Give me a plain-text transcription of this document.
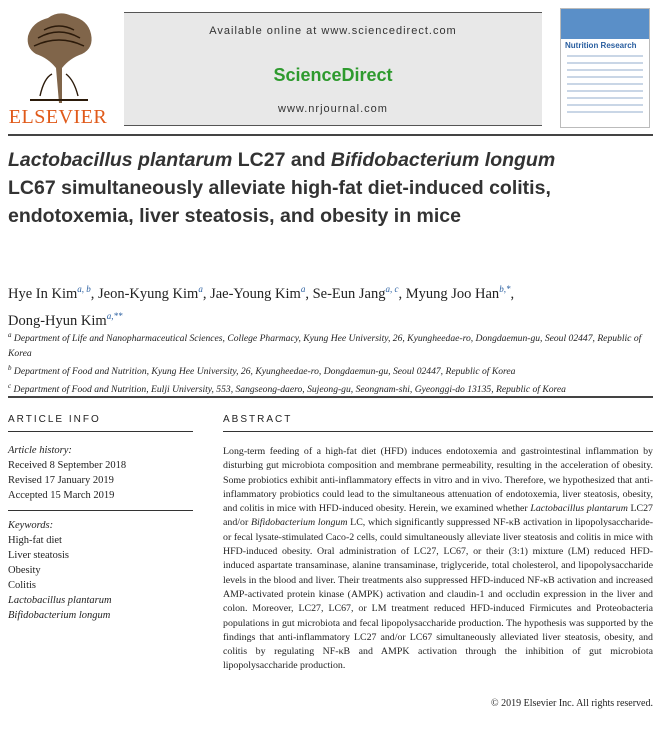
ELSEVIER
Available online at www.sciencedirect.com
ScienceDirect
www.nrjournal.com
Nutrition Research
Lactobacillus plantarum LC27 and Bifidobacterium longum LC67 simultaneously alleviate high-fat diet-induced colitis, endotoxemia, liver steatosis, and obesity in mice
Hye In Kim$^{a, b}$, Jeon-Kyung Kim$^a$, Jae-Young Kim$^a$, Se-Eun Jang$^{a, c}$, Myung Joo Han$^{b,*}$,
Dong-Hyun Kim$^{a,**}$
$^a$ Department of Life and Nanopharmaceutical Sciences, College Pharmacy, Kyung Hee University, 26, Kyungheedae-ro, Dongdaemun-gu, Seoul 02447, Republic of Korea
$^b$ Department of Food and Nutrition, Kyung Hee University, 26, Kyungheedae-ro, Dongdaemun-gu, Seoul 02447, Republic of Korea
$^c$ Department of Food and Nutrition, Eulji University, 553, Sangseong-daero, Sujeong-gu, Seongnam-shi, Gyeonggi-do 13135, Republic of Korea
ARTICLE INFO
Article history:
Received 8 September 2018
Revised 17 January 2019
Accepted 15 March 2019
Keywords:
High-fat diet
Liver steatosis
Obesity
Colitis
Lactobacillus plantarum
Bifidobacterium longum
ABSTRACT
Long-term feeding of a high-fat diet (HFD) induces endotoxemia and gastrointestinal inflammation by disturbing gut microbiota composition and membrane permeability, resulting in the acceleration of obesity. Some probiotics exhibit anti-inflammatory effects in vitro and in vivo. Therefore, we hypothesized that anti-inflammatory probiotics could lead to the simultaneous attenuation of endotoxemia, liver steatosis, obesity, and colitis in mice with HFD-induced obesity. Herein, we examined whether Lactobacillus plantarum LC27 and/or Bifidobacterium longum LC, which significantly suppressed NF-κB activation in lipopolysaccharide- or fecal lysate-stimulated Caco-2 cells, could simultaneously alleviate liver steatosis and colitis in mice with HFD-induced obesity. Oral administration of LC27, LC67, or their (3:1) mixture (LM) reduced HFD-induced aspartate transaminase, alanine transaminase, triglyceride, total cholesterol, and lipopolysaccharide levels in the blood and liver. Their treatments also suppressed HFD-induced NF-κB activation and increased AMP-activated protein kinase (AMPK) activation and claudin-1 and occludin expression in the liver and colon. Moreover, LC27, LC67, or LM treatment reduced HFD-induced Firmicutes and Proteobacteria populations in gut microbiota and fecal lipopolysaccharide production. The hypothesis was supported by the findings that anti-inflammatory LC27 and/or LC67 simultaneously alleviated liver steatosis, obesity, and colitis by regulating NF-κB and AMPK activation through the inhibition of gut microbiota lipopolysaccharide production.
© 2019 Elsevier Inc. All rights reserved.
